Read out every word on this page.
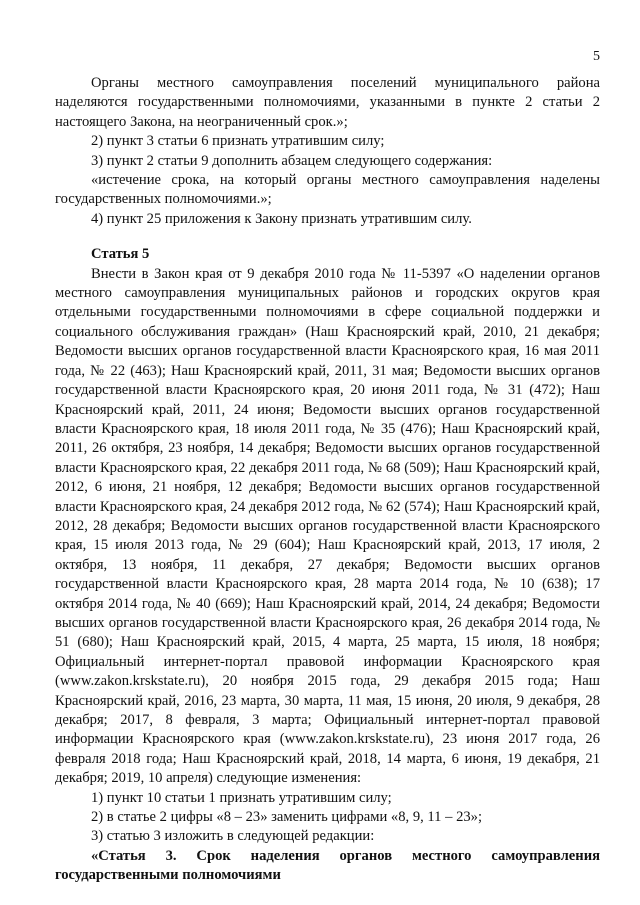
5

Органы местного самоуправления поселений муниципального района наделяются государственными полномочиями, указанными в пункте 2 статьи 2 настоящего Закона, на неограниченный срок.»;

2) пункт 3 статьи 6 признать утратившим силу;

3) пункт 2 статьи 9 дополнить абзацем следующего содержания:

«истечение срока, на который органы местного самоуправления наделены государственных полномочиями.»;

4) пункт 25 приложения к Закону признать утратившим силу.

Статья 5

Внести в Закон края от 9 декабря 2010 года № 11-5397 «О наделении органов местного самоуправления муниципальных районов и городских округов края отдельными государственными полномочиями в сфере социальной поддержки и социального обслуживания граждан» (Наш Красноярский край, 2010, 21 декабря; Ведомости высших органов государственной власти Красноярского края, 16 мая 2011 года, № 22 (463); Наш Красноярский край, 2011, 31 мая; Ведомости высших органов государственной власти Красноярского края, 20 июня 2011 года, № 31 (472); Наш Красноярский край, 2011, 24 июня; Ведомости высших органов государственной власти Красноярского края, 18 июля 2011 года, № 35 (476); Наш Красноярский край, 2011, 26 октября, 23 ноября, 14 декабря; Ведомости высших органов государственной власти Красноярского края, 22 декабря 2011 года, № 68 (509); Наш Красноярский край, 2012, 6 июня, 21 ноября, 12 декабря; Ведомости высших органов государственной власти Красноярского края, 24 декабря 2012 года, № 62 (574); Наш Красноярский край, 2012, 28 декабря; Ведомости высших органов государственной власти Красноярского края, 15 июля 2013 года, № 29 (604); Наш Красноярский край, 2013, 17 июля, 2 октября, 13 ноября, 11 декабря, 27 декабря; Ведомости высших органов государственной власти Красноярского края, 28 марта 2014 года, № 10 (638); 17 октября 2014 года, № 40 (669); Наш Красноярский край, 2014, 24 декабря; Ведомости высших органов государственной власти Красноярского края, 26 декабря 2014 года, № 51 (680); Наш Красноярский край, 2015, 4 марта, 25 марта, 15 июля, 18 ноября; Официальный интернет-портал правовой информации Красноярского края (www.zakon.krskstate.ru), 20 ноября 2015 года, 29 декабря 2015 года; Наш Красноярский край, 2016, 23 марта, 30 марта, 11 мая, 15 июня, 20 июля, 9 декабря, 28 декабря; 2017, 8 февраля, 3 марта; Официальный интернет-портал правовой информации Красноярского края (www.zakon.krskstate.ru), 23 июня 2017 года, 26 февраля 2018 года; Наш Красноярский край, 2018, 14 марта, 6 июня, 19 декабря, 21 декабря; 2019, 10 апреля) следующие изменения:

1) пункт 10 статьи 1 признать утратившим силу;

2) в статье 2 цифры «8 – 23» заменить цифрами «8, 9, 11 – 23»;

3) статью 3 изложить в следующей редакции:

«Статья 3. Срок наделения органов местного самоуправления государственными полномочиями
